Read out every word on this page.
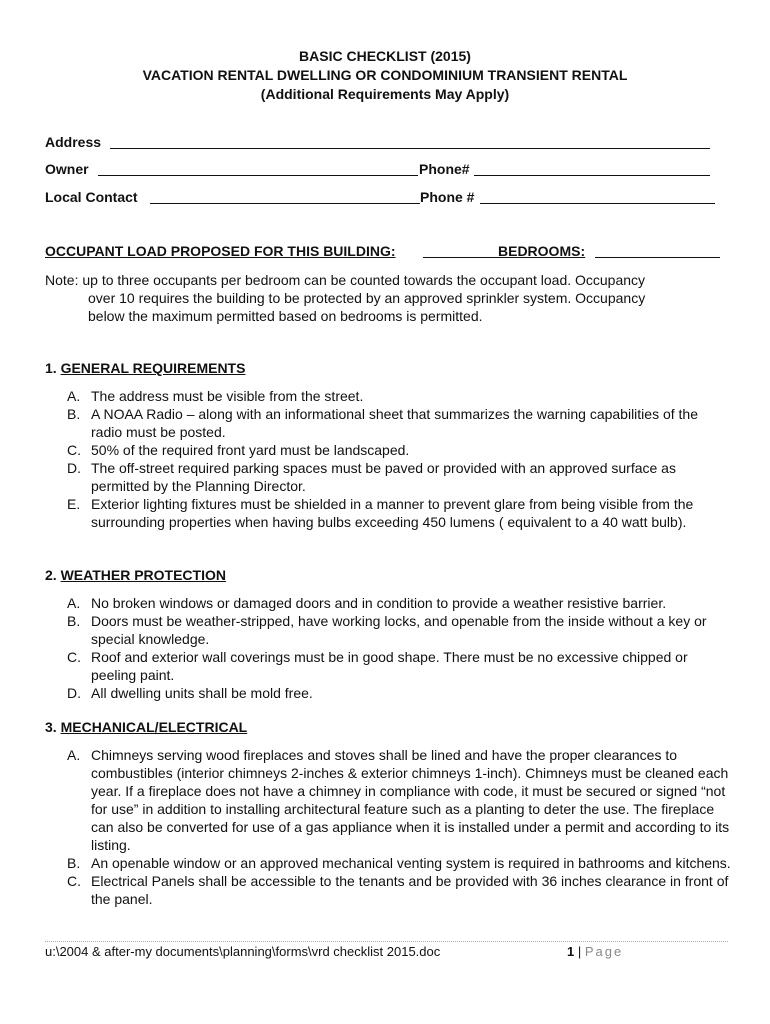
BASIC CHECKLIST (2015)
VACATION RENTAL DWELLING OR CONDOMINIUM TRANSIENT RENTAL
(Additional Requirements May Apply)
Address
Owner	Phone#
Local Contact	Phone #
OCCUPANT LOAD PROPOSED FOR THIS BUILDING:	BEDROOMS:
Note: up to three occupants per bedroom can be counted towards the occupant load. Occupancy
over 10 requires the building to be protected by an approved sprinkler system. Occupancy
below the maximum permitted based on bedrooms is permitted.
1. GENERAL REQUIREMENTS
A. The address must be visible from the street.
B. A NOAA Radio – along with an informational sheet that summarizes the warning capabilities of the radio must be posted.
C. 50% of the required front yard must be landscaped.
D. The off-street required parking spaces must be paved or provided with an approved surface as permitted by the Planning Director.
E. Exterior lighting fixtures must be shielded in a manner to prevent glare from being visible from the surrounding properties when having bulbs exceeding 450 lumens ( equivalent to a 40 watt bulb).
2. WEATHER PROTECTION
A. No broken windows or damaged doors and in condition to provide a weather resistive barrier.
B. Doors must be weather-stripped, have working locks, and openable from the inside without a key or special knowledge.
C. Roof and exterior wall coverings must be in good shape. There must be no excessive chipped or peeling paint.
D. All dwelling units shall be mold free.
3. MECHANICAL/ELECTRICAL
A. Chimneys serving wood fireplaces and stoves shall be lined and have the proper clearances to combustibles (interior chimneys 2-inches & exterior chimneys 1-inch). Chimneys must be cleaned each year. If a fireplace does not have a chimney in compliance with code, it must be secured or signed “not for use” in addition to installing architectural feature such as a planting to deter the use. The fireplace can also be converted for use of a gas appliance when it is installed under a permit and according to its listing.
B. An openable window or an approved mechanical venting system is required in bathrooms and kitchens.
C. Electrical Panels shall be accessible to the tenants and be provided with 36 inches clearance in front of the panel.
u:\2004 & after-my documents\planning\forms\vrd checklist 2015.doc	1 | Page
